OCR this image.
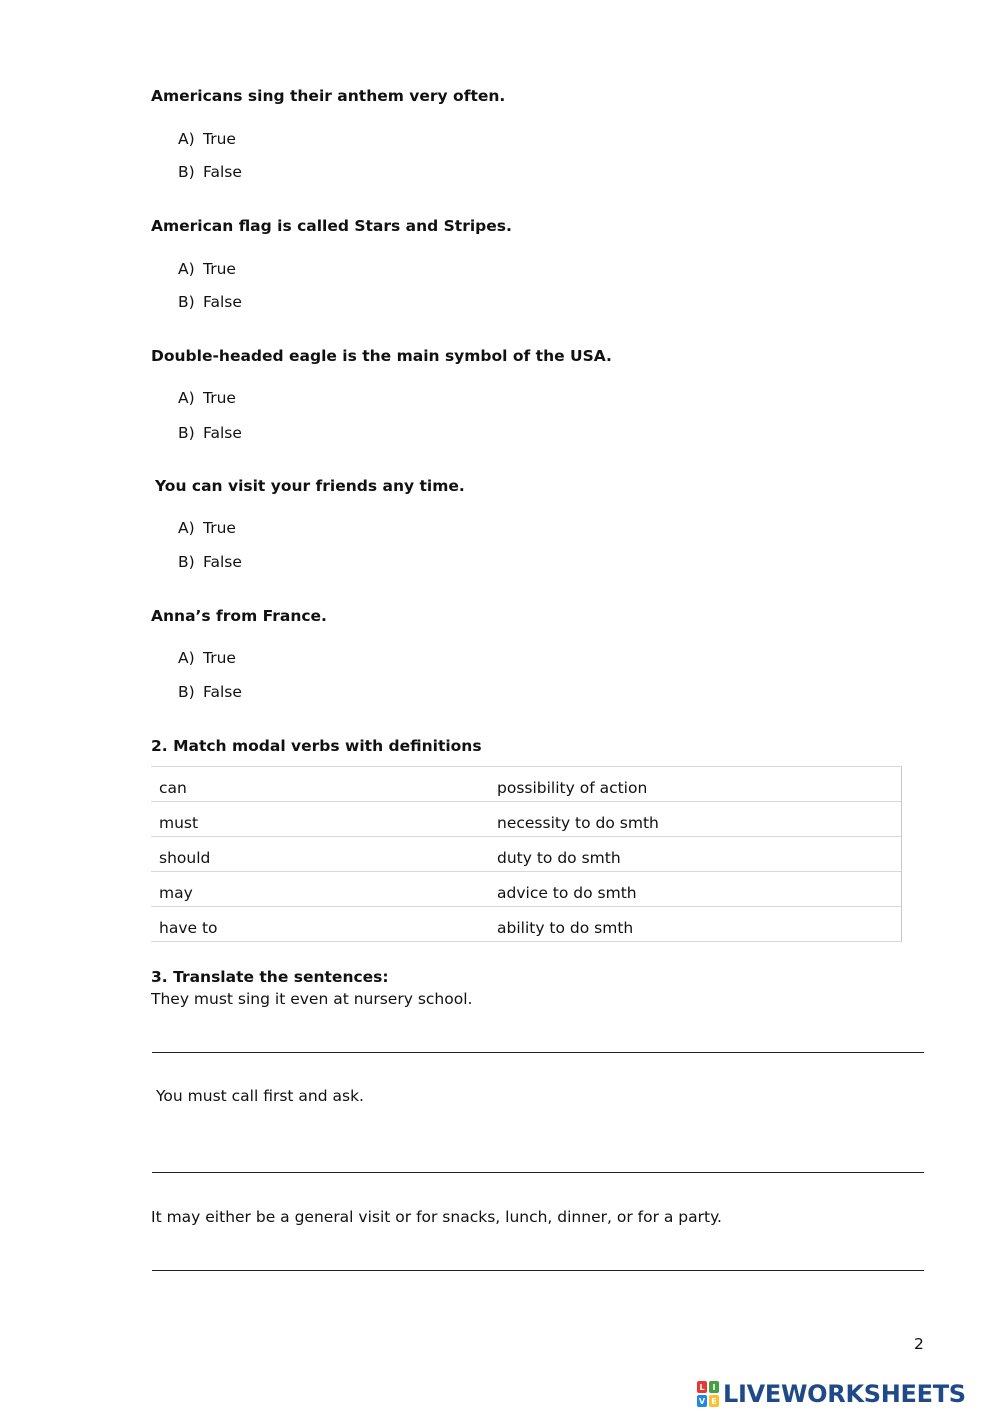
Americans sing their anthem very often.
A) True
B) False
American flag is called Stars and Stripes.
A) True
B) False
Double-headed eagle is the main symbol of the USA.
A) True
B) False
You can visit your friends any time.
A) True
B) False
Anna’s from France.
A) True
B) False
2. Match modal verbs with definitions
can	possibility of action
must	necessity to do smth
should	duty to do smth
may	advice to do smth
have to	ability to do smth
3. Translate the sentences:
They must sing it even at nursery school.
You must call first and ask.
It may either be a general visit or for snacks, lunch, dinner, or for a party.
2
L I
V E LIVEWORKSHEETS
